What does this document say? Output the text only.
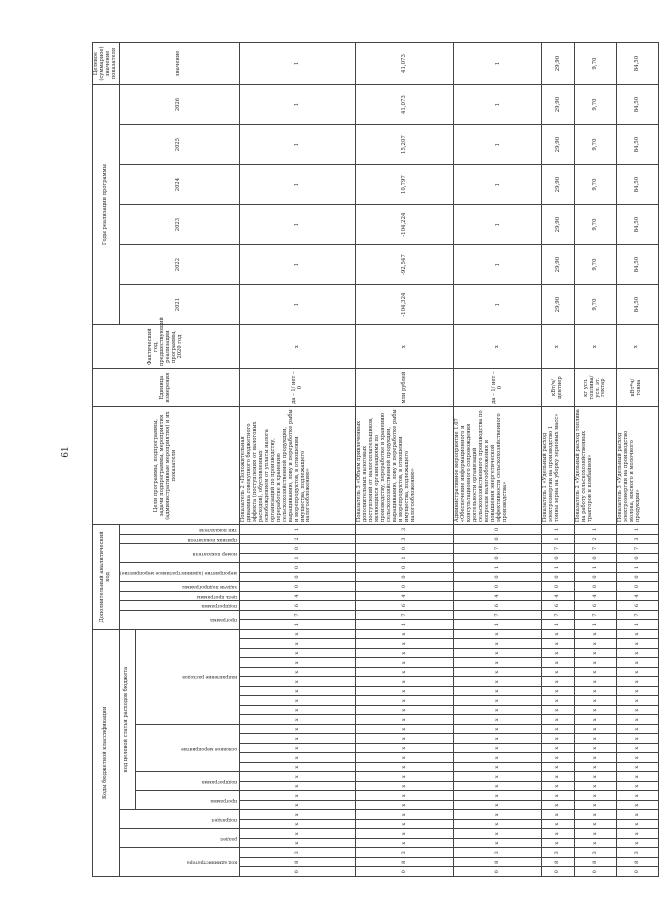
61
Коды бюджетной классификации																										Дополнительный аналитический код											Цели программы, подпрограммы, задачи подпрограммы, мероприятия (административные мероприятия) и их показатели	Единица измерения	Фактический год, предшествующий реализации программы, 2020 год	Годы реализации программы						Целевое (суммарное) значение показателя
код администратора			раздел		подраздел		код целевой статьи расходов бюджета																			программа		подпрограмма	цель программы	задачи подпрограммы	мероприятие (административное мероприятие)		номер показателя		признак показателя	тип показателя				2021	2022	2023	2024	2025	2026	значение
							программа		подпрограмма		основное мероприятие					направление расходов																														
0	8	3	х	х	х	х	х	х	х	х	х	х	х	х	х	х	х	х	х	х	х	х	х	х	х	1	7	6	4	0	0	0	1	0	2	1	Показатель 2 «Положительная динамика совокупного бюджетного эффекта (поступления от налоговых расходов), обусловленных освобождением от уплаты налога организаций по производству, переработке и хранению сельскохозяйственной продукции, выращиванию, лову и переработке рыбы и морепродуктов, в отношении имущества, подлежащего налогообложению»	да – 1/ нет – 0	х	1	1	1	1	1	1	1
0	8	3	х	х	х	х	х	х	х	х	х	х	х	х	х	х	х	х	х	х	х	х	х	х	х	1	7	6	4	0	0	0	1	0	3	3	Показатель 3 «Объем привлеченных дополнительных налоговых поступлений от налогоплательщиков, являющихся организациями по производству, переработке и хранению сельскохозяйственной продукции, выращиванию, лову и переработке рыбы и морепродуктов, в отношении имущества, подлежащего налогообложению»	млн рублей	х	-104,324	-92,547	-104,224	10,797	15,207	41,073	41,073
0	8	3	х	х	х	х	х	х	х	х	х	х	х	х	х	х	х	х	х	х	х	х	х	х	х	1	7	6	4	0	0	1	0	7	0	0	Административное мероприятие 1.07 «Обеспечение информационного и консультационного сопровождения деятельности организаций сельскохозяйственного производства по вопросам налогообложения и повышения энергетической эффективности сельскохозяйственного производства»	да – 1/ нет – 0	х	1	1	1	1	1	1	1
0	8	3	х	х	х	х	х	х	х	х	х	х	х	х	х	х	х	х	х	х	х	х	х	х	х	1	7	6	4	0	0	1	0	7	1	1	Показатель 1 «Удельный расход электроэнергии на производство 1 тонны зерна на уборку зерновых масс»	кВт/ч/ центнер	х	29,90	29,90	29,90	29,90	29,90	29,90	29,90
0	8	3	х	х	х	х	х	х	х	х	х	х	х	х	х	х	х	х	х	х	х	х	х	х	х	1	7	6	4	0	0	1	0	7	2	1	Показатель 2 «Удельный расход топлива на работу сельскохозяйственных тракторов и комбайнов»	кг усл. топлива/ усл. эт. гектар	х	9,70	9,70	9,70	9,70	9,70	9,70	9,70
0	8	3	х	х	х	х	х	х	х	х	х	х	х	х	х	х	х	х	х	х	х	х	х	х	х	1	7	6	4	0	0	1	0	7	3	1	Показатель 3 «Удельный расход электроэнергии на производство молока, мясного и молочного продукции»	кВт*ч/ тонна	х	84,50	84,50	84,50	84,50	84,50	84,50	84,50
